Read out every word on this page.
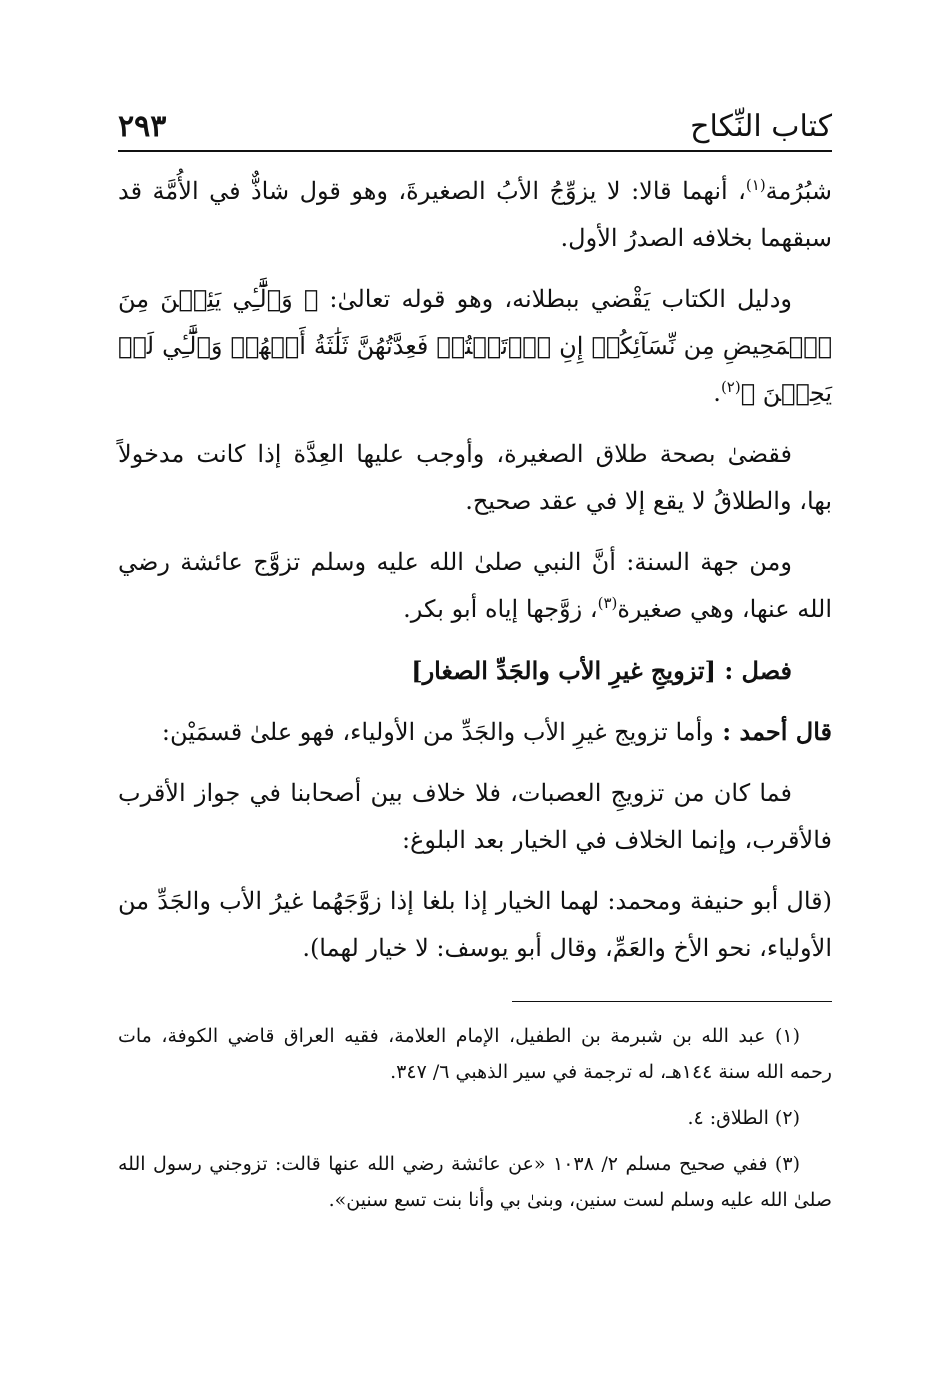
كتاب النِّكاح
٢٩٣

شبُرُمة$^{(١)}$، أنهما قالا: لا يزوِّجُ الأبُ الصغيرةَ، وهو قول شاذٌّ في الأُمَّة قد سبقهما بخلافه الصدرُ الأول.

ودليل الكتاب يَقْضي ببطلانه، وهو قوله تعالىٰ: ﴿ وَٱلَّٰٓـِٔي يَئِسۡنَ مِنَ ٱلۡمَحِيضِ مِن نِّسَآئِكُمۡ إِنِ ٱرۡتَبۡتُمۡ فَعِدَّتُهُنَّ ثَلَٰثَةُ أَشۡهُرٖ وَٱلَّٰٓـِٔي لَمۡ يَحِضۡنَ ﴾$^{(٢)}$.

فقضىٰ بصحة طلاق الصغيرة، وأوجب عليها العِدَّة إذا كانت مدخولاً بها، والطلاقُ لا يقع إلا في عقد صحيح.

ومن جهة السنة: أنَّ النبي صلىٰ الله عليه وسلم تزوَّج عائشة رضي الله عنها، وهي صغيرة$^{(٣)}$، زوَّجها إياه أبو بكر.

فصل : [تزويجِ غيرِ الأب والجَدِّ الصغار]

قال أحمد : وأما تزويج غيرِ الأب والجَدِّ من الأولياء، فهو علىٰ قسمَيْن:

فما كان من تزويجِ العصبات، فلا خلاف بين أصحابنا في جواز الأقرب فالأقرب، وإنما الخلاف في الخيار بعد البلوغ:

(قال أبو حنيفة ومحمد: لهما الخيار إذا بلغا إذا زوَّجَهُما غيرُ الأب والجَدِّ من الأولياء، نحو الأخ والعَمِّ، وقال أبو يوسف: لا خيار لهما).

(١) عبد الله بن شبرمة بن الطفيل، الإمام العلامة، فقيه العراق قاضي الكوفة، مات رحمه الله سنة ١٤٤هـ، له ترجمة في سير الذهبي ٦/ ٣٤٧.

(٢) الطلاق: ٤.

(٣) ففي صحيح مسلم ٢/ ١٠٣٨ «عن عائشة رضي الله عنها قالت: تزوجني رسول الله صلىٰ الله عليه وسلم لست سنين، وبنىٰ بي وأنا بنت تسع سنين».
